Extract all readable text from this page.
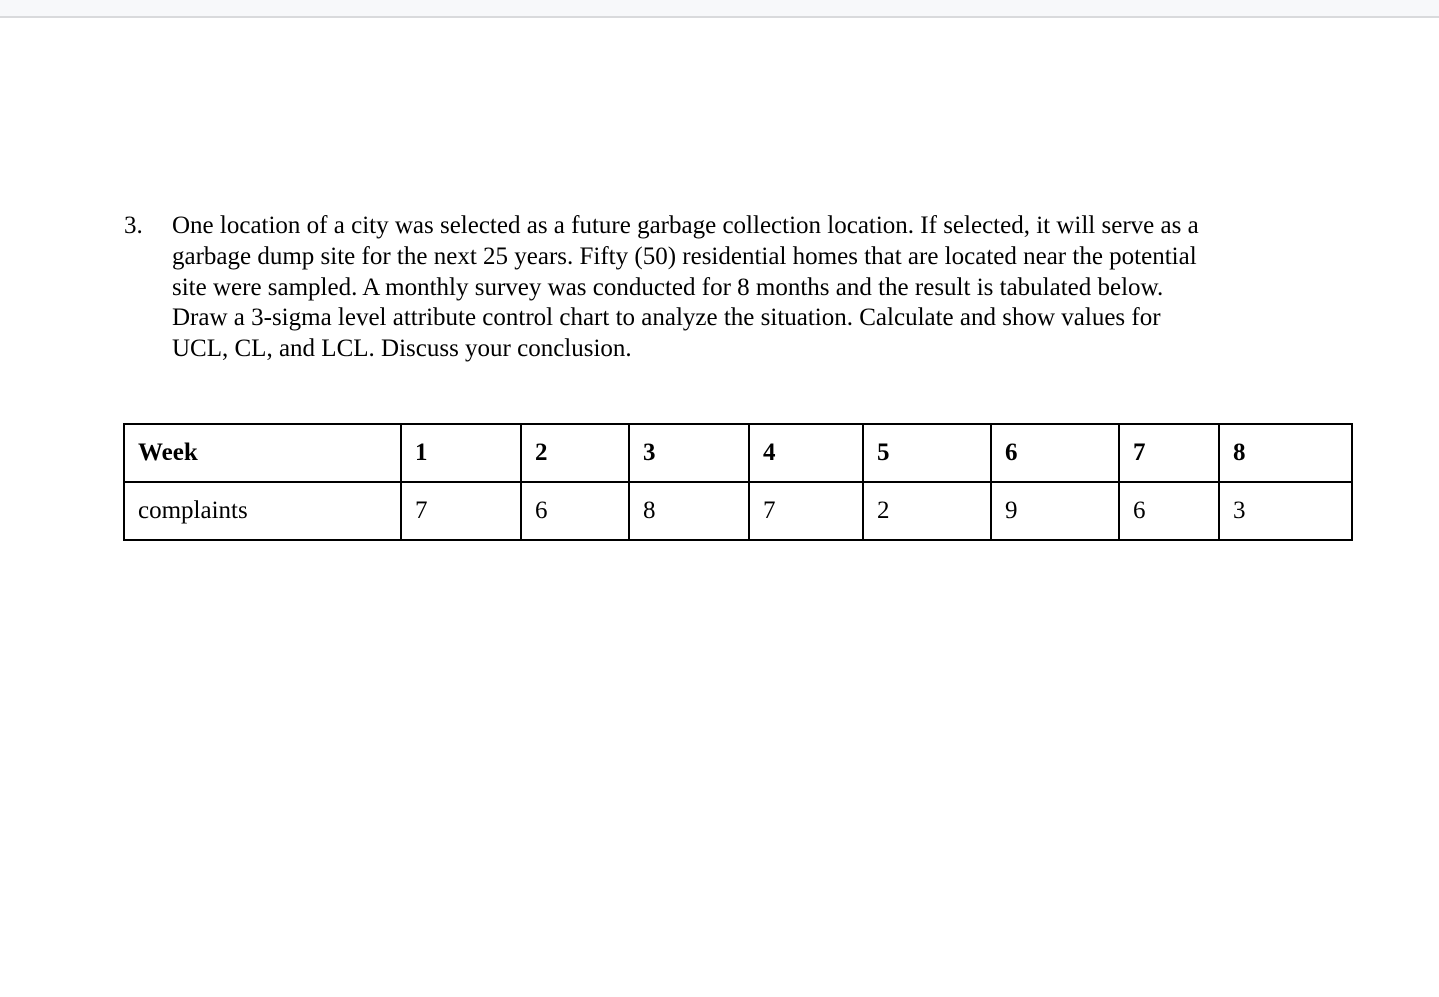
3. One location of a city was selected as a future garbage collection location. If selected, it will serve as a
garbage dump site for the next 25 years. Fifty (50) residential homes that are located near the potential
site were sampled. A monthly survey was conducted for 8 months and the result is tabulated below.
Draw a 3-sigma level attribute control chart to analyze the situation. Calculate and show values for
UCL, CL, and LCL. Discuss your conclusion.
Week	1	2	3	4	5	6	7	8
complaints	7	6	8	7	2	9	6	3
